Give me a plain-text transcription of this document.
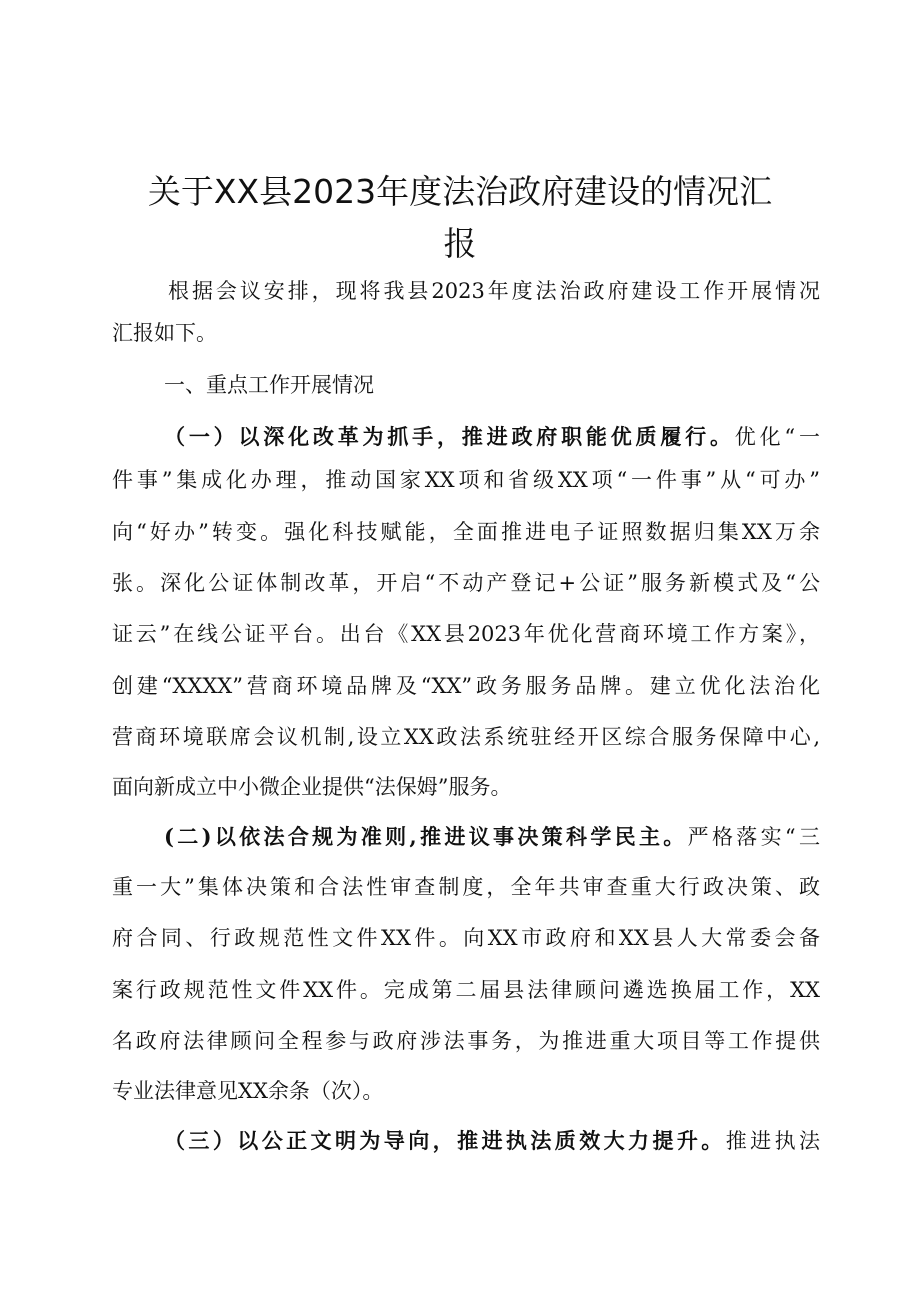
关于XX县2023年度法治政府建设的情况汇
报
根据会议安排，现将我县2023年度法治政府建设工作开展情况
汇报如下。
一、重点工作开展情况
（一）以深化改革为抓手，推进政府职能优质履行。优化“一
件事”集成化办理，推动国家XX项和省级XX项“一件事”从“可办”
向“好办”转变。强化科技赋能，全面推进电子证照数据归集XX万余
张。深化公证体制改革，开启“不动产登记+公证”服务新模式及“公
证云”在线公证平台。出台《XX县2023年优化营商环境工作方案》，
创建“XXXX”营商环境品牌及“XX”政务服务品牌。建立优化法治化
营商环境联席会议机制,设立XX政法系统驻经开区综合服务保障中心,
面向新成立中小微企业提供“法保姆”服务。
(二)以依法合规为准则,推进议事决策科学民主。严格落实“三
重一大”集体决策和合法性审查制度，全年共审查重大行政决策、政
府合同、行政规范性文件XX件。向XX市政府和XX县人大常委会备
案行政规范性文件XX件。完成第二届县法律顾问遴选换届工作，XX
名政府法律顾问全程参与政府涉法事务，为推进重大项目等工作提供
专业法律意见XX余条（次）。
（三）以公正文明为导向，推进执法质效大力提升。推进执法
